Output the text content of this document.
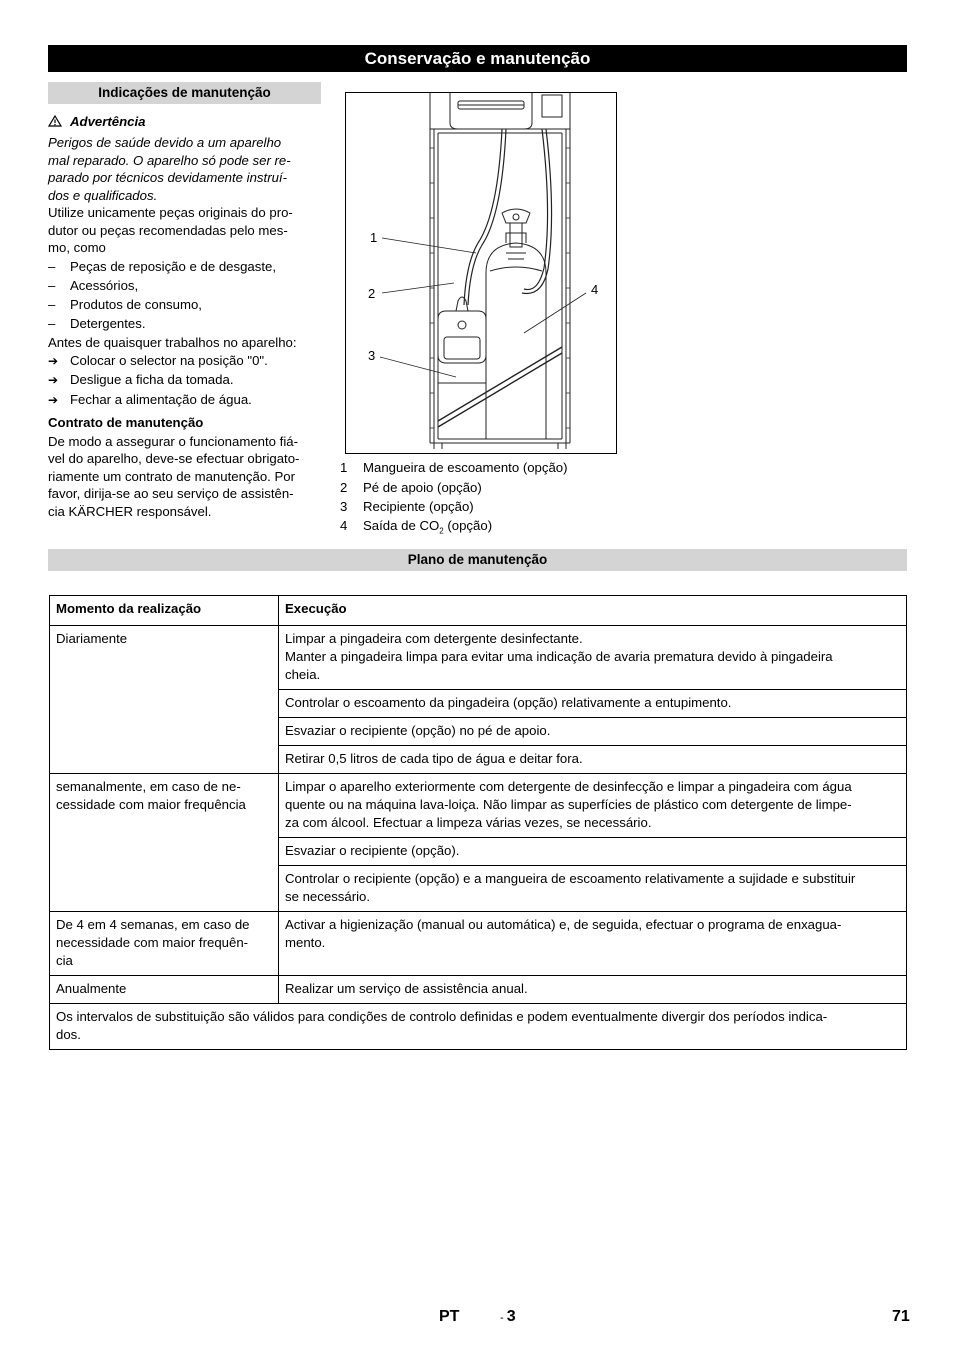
Conservação e manutenção
Indicações de manutenção
Advertência
Perigos de saúde devido a um aparelho
mal reparado. O aparelho só pode ser re-
parado por técnicos devidamente instruí-
dos e qualificados.
Utilize unicamente peças originais do pro-
dutor ou peças recomendadas pelo mes-
mo, como
– Peças de reposição e de desgaste,
– Acessórios,
– Produtos de consumo,
– Detergentes.
Antes de quaisquer trabalhos no aparelho:
➔ Colocar o selector na posição "0".
➔ Desligue a ficha da tomada.
➔ Fechar a alimentação de água.
Contrato de manutenção
De modo a assegurar o funcionamento fiá-
vel do aparelho, deve-se efectuar obrigato-
riamente um contrato de manutenção. Por
favor, dirija-se ao seu serviço de assistên-
cia KÄRCHER responsável.
1
2
3
4
1 Mangueira de escoamento (opção)
2 Pé de apoio (opção)
3 Recipiente (opção)
4 Saída de $CO_2$ (opção)
Plano de manutenção
Momento da realização	Execução
Diariamente	Limpar a pingadeira com detergente desinfectante.
Manter a pingadeira limpa para evitar uma indicação de avaria prematura devido à pingadeira
cheia.
	Controlar o escoamento da pingadeira (opção) relativamente a entupimento.
	Esvaziar o recipiente (opção) no pé de apoio.
	Retirar 0,5 litros de cada tipo de água e deitar fora.
semanalmente, em caso de ne-
cessidade com maior frequência	Limpar o aparelho exteriormente com detergente de desinfecção e limpar a pingadeira com água
quente ou na máquina lava-loiça. Não limpar as superfícies de plástico com detergente de limpe-
za com álcool. Efectuar a limpeza várias vezes, se necessário.
	Esvaziar o recipiente (opção).
	Controlar o recipiente (opção) e a mangueira de escoamento relativamente a sujidade e substituir
se necessário.
De 4 em 4 semanas, em caso de
necessidade com maior frequên-
cia	Activar a higienização (manual ou automática) e, de seguida, efectuar o programa de enxagua-
mento.
Anualmente	Realizar um serviço de assistência anual.
Os intervalos de substituição são válidos para condições de controlo definidas e podem eventualmente divergir dos períodos indica-
dos.	
PT	- 3	71
